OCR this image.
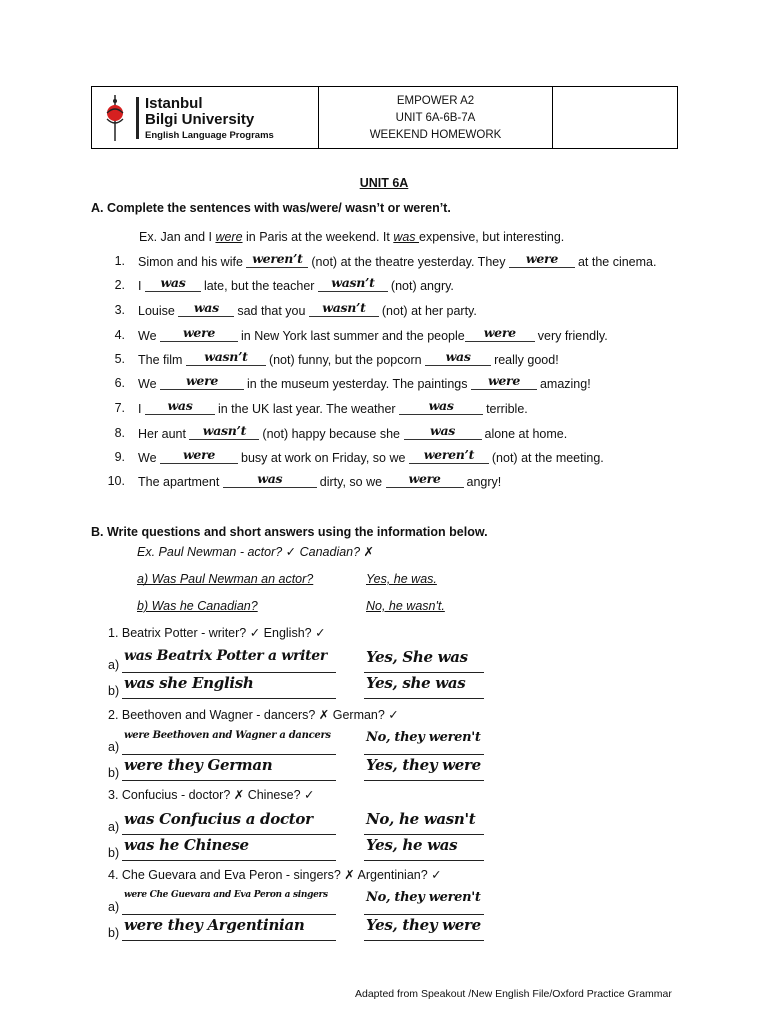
Istanbul
Bilgi University
English Language Programs
EMPOWER A2
UNIT 6A-6B-7A
WEEKEND HOMEWORK
UNIT 6A
A. Complete the sentences with was/were/ wasn’t or weren’t.
Ex. Jan and I were in Paris at the weekend. It was expensive, but interesting.
1. Simon and his wife weren’t (not) at the theatre yesterday. They were at the cinema.
2. I was late, but the teacher wasn’t (not) angry.
3. Louise was sad that you wasn’t (not) at her party.
4. We were in New York last summer and the people were very friendly.
5. The film wasn’t (not) funny, but the popcorn was really good!
6. We were in the museum yesterday. The paintings were amazing!
7. I was in the UK last year. The weather was	terrible.
8. Her aunt wasn’t (not) happy because she was alone at home.
9. We were busy at work on Friday, so we weren’t (not) at the meeting.
10. The apartment	was	dirty, so we were angry!
B. Write questions and short answers using the information below.
Ex. Paul Newman - actor? ✓ Canadian? ✗
a) Was Paul Newman an actor?	Yes, he was.
b) Was he Canadian?	No, he wasn't.
1. Beatrix Potter - writer? ✓ English? ✓
a)
was Beatrix Potter a writer	Yes, She was
b) was she English	Yes, she was
2. Beethoven and Wagner - dancers? ✗ German? ✓
a)
were Beethoven and Wagner a dancers	No, they weren't
b) were they German	Yes, they were
3. Confucius - doctor? ✗ Chinese? ✓
a) was Confucius a doctor	No, he wasn't
b) was he Chinese	Yes, he was
4. Che Guevara and Eva Peron - singers? ✗ Argentinian? ✓
a)
were Che Guevara and Eva Peron a singers	No, they weren't
b) were they Argentinian	Yes, they were
Adapted from Speakout /New English File/Oxford Practice Grammar
